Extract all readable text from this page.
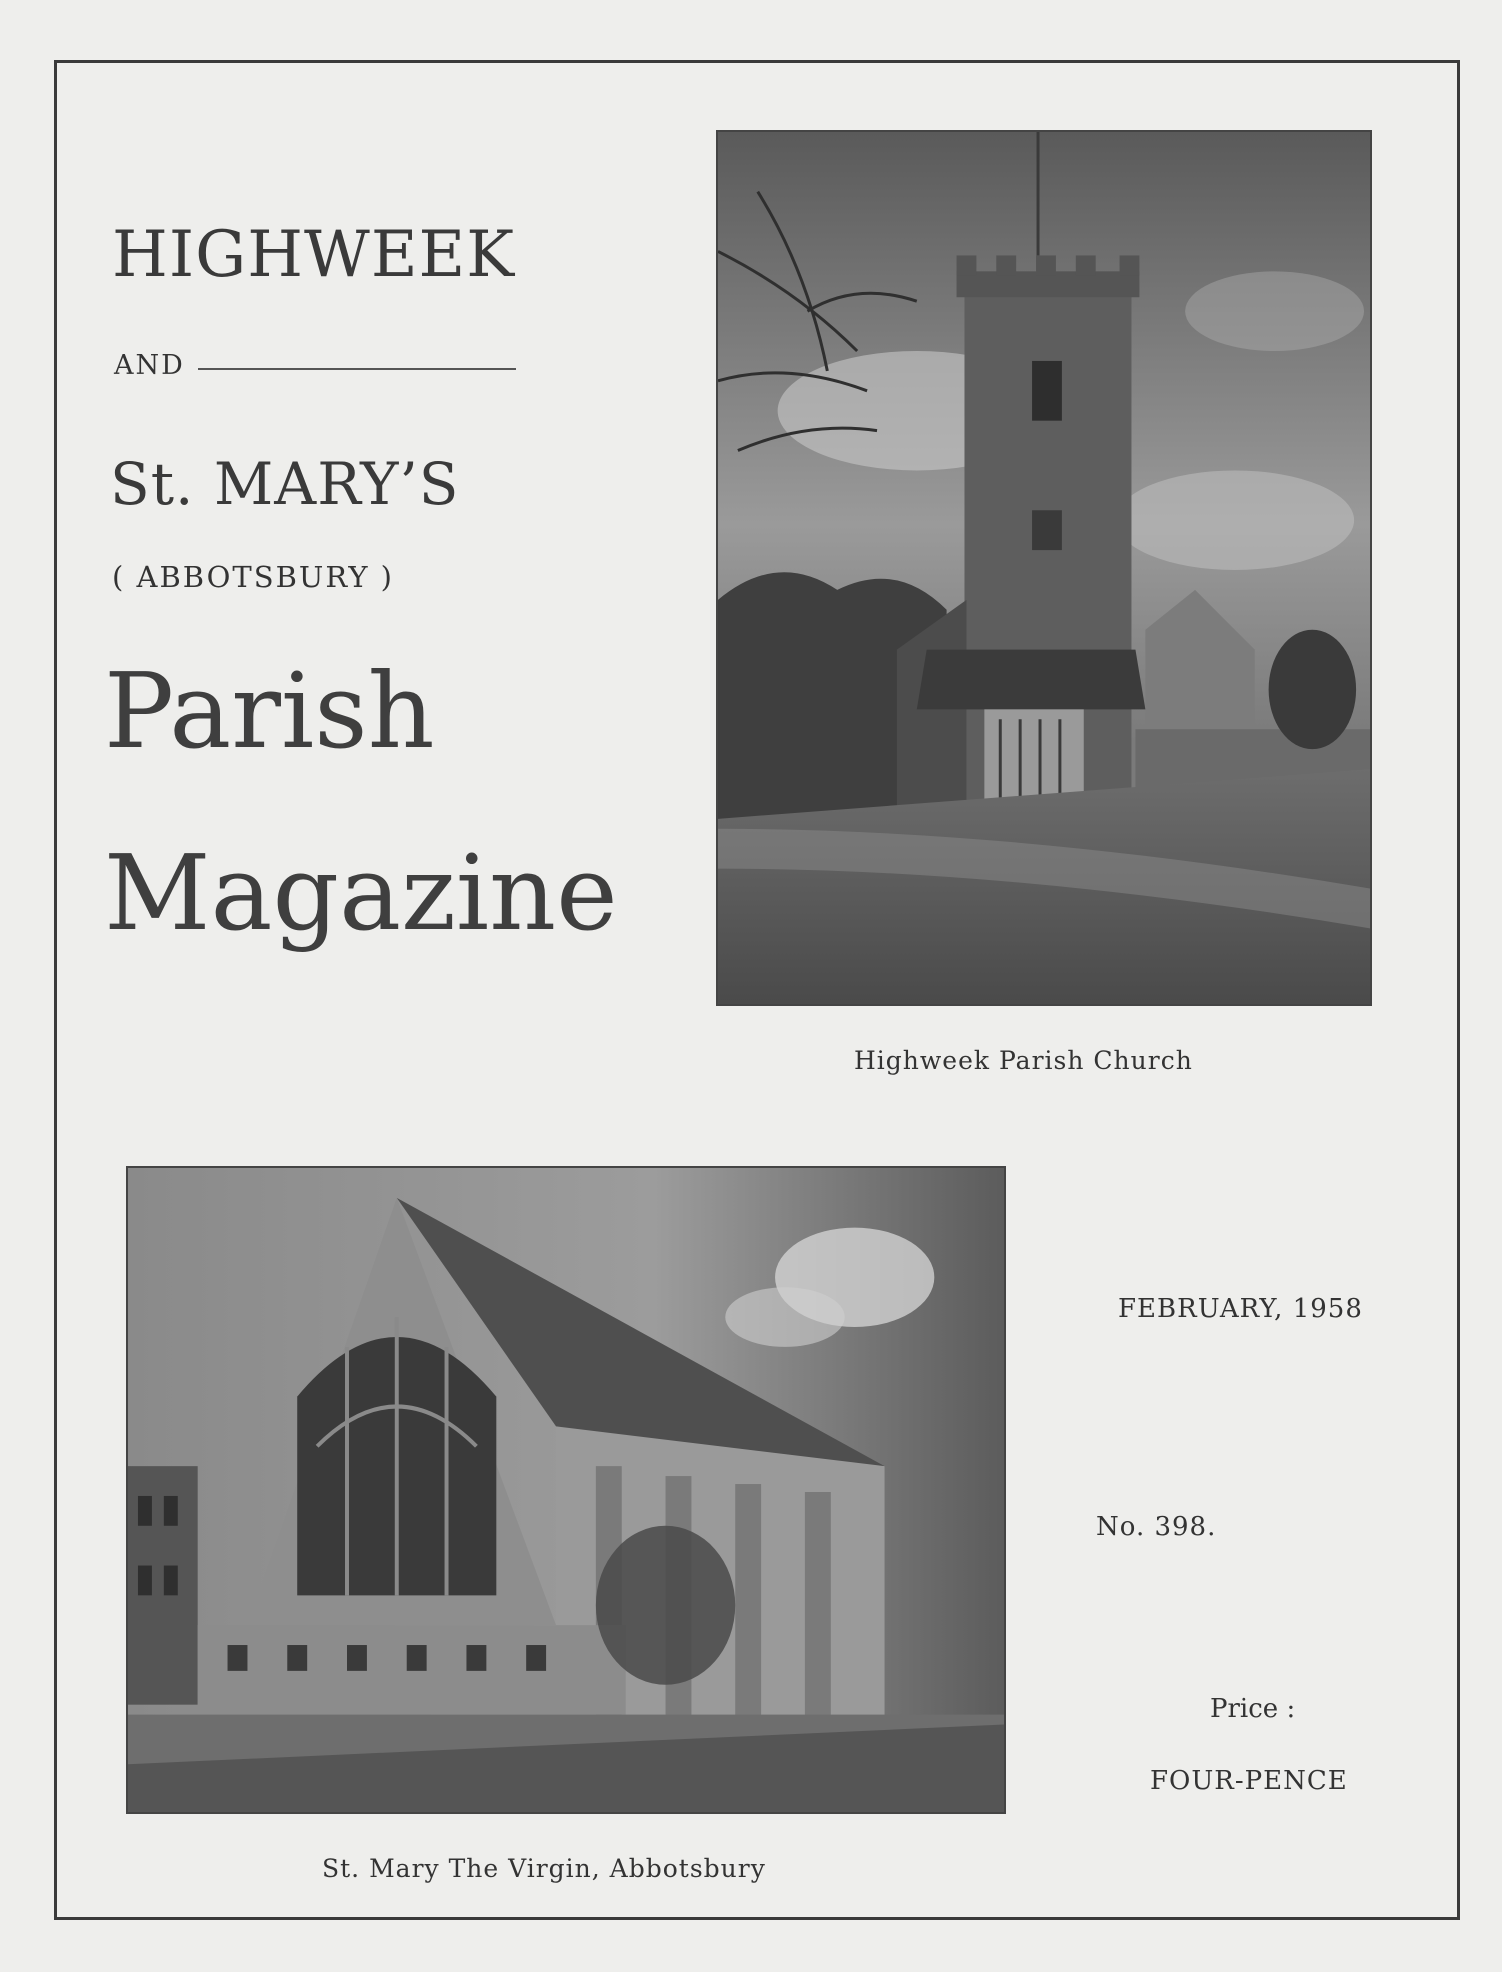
HIGHWEEK
AND
St. MARY’S
( ABBOTSBURY )
Parish
Magazine
Highweek Parish Church
St. Mary The Virgin, Abbotsbury
FEBRUARY, 1958
No. 398.
Price :
FOUR-PENCE
